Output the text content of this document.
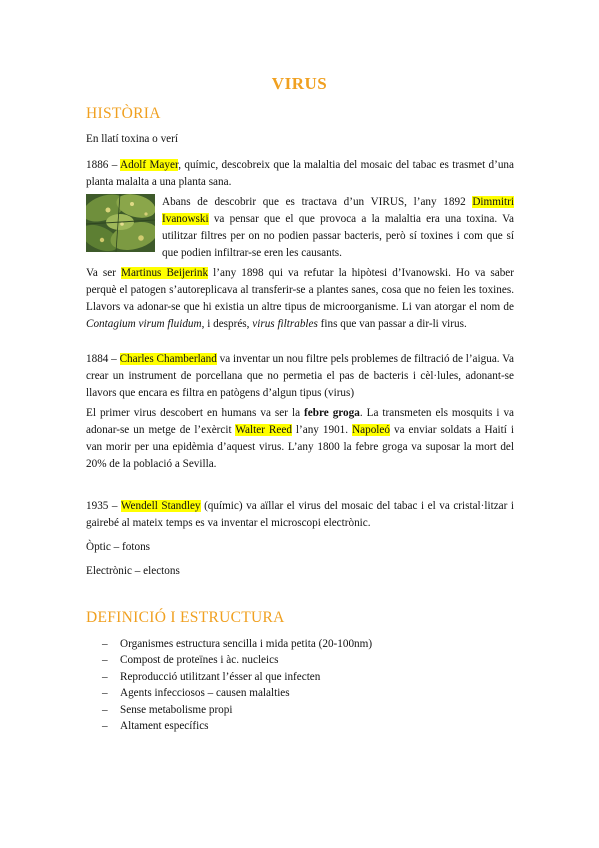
VIRUS
HISTÒRIA

En llatí toxina o verí

1886 – Adolf Mayer, químic, descobreix que la malaltia del mosaic del tabac es trasmet d’una planta malalta a una planta sana.

Abans de descobrir que es tractava d’un VIRUS, l’any 1892 Dimmitri Ivanowski va pensar que el que provoca a la malaltia era una toxina. Va utilitzar filtres per on no podien passar bacteris, però sí toxines i com que sí que podien infiltrar-se eren les causants.

Va ser Martinus Beijerink l’any 1898 qui va refutar la hipòtesi d’Ivanowski. Ho va saber perquè el patogen s’autoreplicava al transferir-se a plantes sanes, cosa que no feien les toxines. Llavors va adonar-se que hi existia un altre tipus de microorganisme. Li van atorgar el nom de Contagium virum fluidum, i després, virus filtrables fins que van passar a dir-li virus.

1884 – Charles Chamberland va inventar un nou filtre pels problemes de filtració de l’aigua. Va crear un instrument de porcellana que no permetia el pas de bacteris i cèl·lules, adonant-se llavors que encara es filtra en patògens d’algun tipus (virus)

El primer virus descobert en humans va ser la febre groga. La transmeten els mosquits i va adonar-se un metge de l’exèrcit Walter Reed l’any 1901. Napoleó va enviar soldats a Haití i van morir per una epidèmia d’aquest virus. L’any 1800 la febre groga va suposar la mort del 20% de la població a Sevilla.

1935 – Wendell Standley (químic) va aïllar el virus del mosaic del tabac i el va cristal·litzar i gairebé al mateix temps es va inventar el microscopi electrònic.

Òptic – fotons

Electrònic – electons

DEFINICIÓ I ESTRUCTURA
– Organismes estructura sencilla i mida petita (20-100nm)
– Compost de proteïnes i àc. nucleics
– Reproducció utilitzant l’ésser al que infecten
– Agents infecciosos – causen malalties
– Sense metabolisme propi
– Altament específics
